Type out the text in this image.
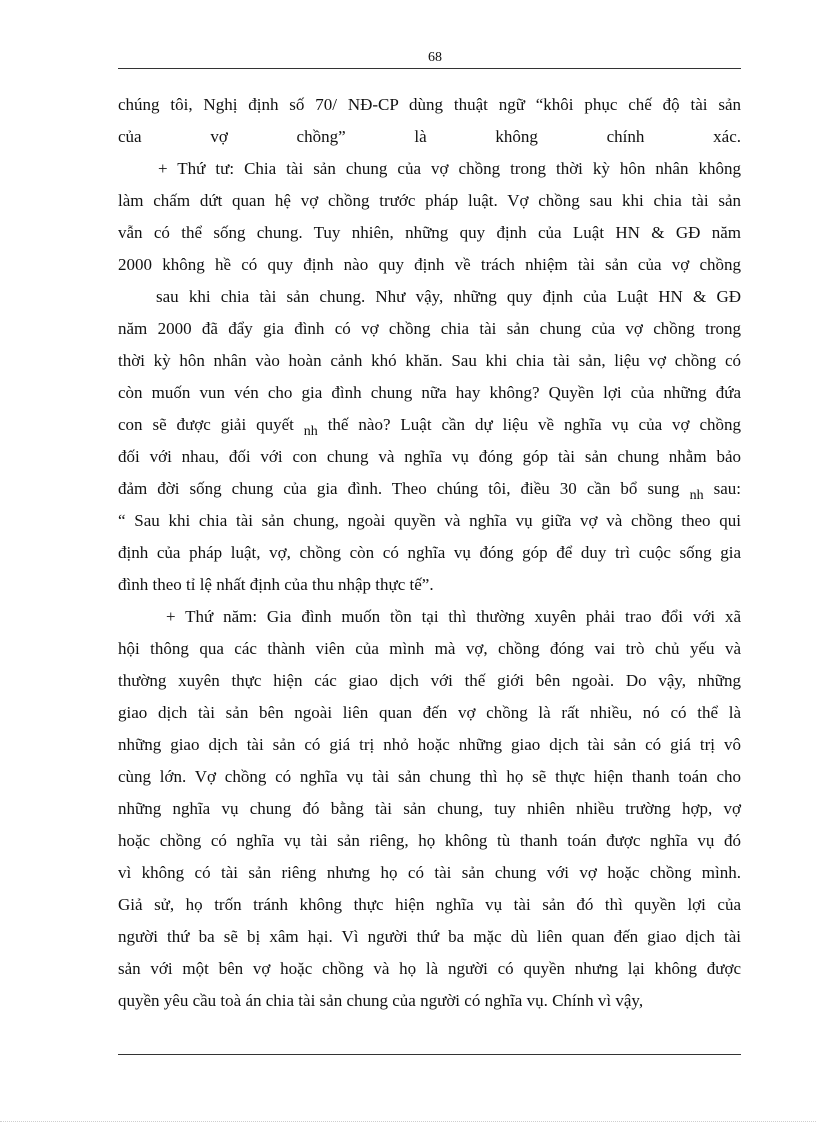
68
chúng tôi, Nghị định số 70/ NĐ-CP dùng thuật ngữ “khôi phục chế độ tài sản
của vợ chồng” là không chính xác.
+ Thứ tư: Chia tài sản chung của vợ chồng trong thời kỳ hôn nhân không
làm chấm dứt quan hệ vợ chồng trước pháp luật. Vợ chồng sau khi chia tài sản
vẫn có thể sống chung. Tuy nhiên, những quy định của Luật HN & GĐ năm
2000 không hề có quy định nào quy định về trách nhiệm tài sản của vợ chồng
sau khi chia tài sản chung. Như vậy, những quy định của Luật HN & GĐ
năm 2000 đã đẩy gia đình có vợ chồng chia tài sản chung của vợ chồng trong
thời kỳ hôn nhân vào hoàn cảnh khó khăn. Sau khi chia tài sản, liệu vợ chồng có
còn muốn vun vén cho gia đình chung nữa hay không? Quyền lợi của những đứa
con sẽ được giải quyết $_{nh}$ thế nào? Luật cần dự liệu về nghĩa vụ của vợ chồng
đối với nhau, đối với con chung và nghĩa vụ đóng góp tài sản chung nhằm bảo
đảm đời sống chung của gia đình. Theo chúng tôi, điều 30 cần bổ sung $_{nh}$ sau:
“ Sau khi chia tài sản chung, ngoài quyền và nghĩa vụ giữa vợ và chồng theo qui
định của pháp luật, vợ, chồng còn có nghĩa vụ đóng góp để duy trì cuộc sống gia
đình theo tỉ lệ nhất định của thu nhập thực tế”.
+ Thứ năm: Gia đình muốn tồn tại thì thường xuyên phải trao đổi với xã
hội thông qua các thành viên của mình mà vợ, chồng đóng vai trò chủ yếu và
thường xuyên thực hiện các giao dịch với thế giới bên ngoài. Do vậy, những
giao dịch tài sản bên ngoài liên quan đến vợ chồng là rất nhiều, nó có thể là
những giao dịch tài sản có giá trị nhỏ hoặc những giao dịch tài sản có giá trị vô
cùng lớn. Vợ chồng có nghĩa vụ tài sản chung thì họ sẽ thực hiện thanh toán cho
những nghĩa vụ chung đó bằng tài sản chung, tuy nhiên nhiều trường hợp, vợ
hoặc chồng có nghĩa vụ tài sản riêng, họ không tù thanh toán được nghĩa vụ đó
vì không có tài sản riêng nhưng họ có tài sản chung với vợ hoặc chồng mình.
Giả sử, họ trốn tránh không thực hiện nghĩa vụ tài sản đó thì quyền lợi của
người thứ ba sẽ bị xâm hại. Vì người thứ ba mặc dù liên quan đến giao dịch tài
sản với một bên vợ hoặc chồng và họ là người có quyền nhưng lại không được
quyền yêu cầu toà án chia tài sản chung của người có nghĩa vụ. Chính vì vậy,
